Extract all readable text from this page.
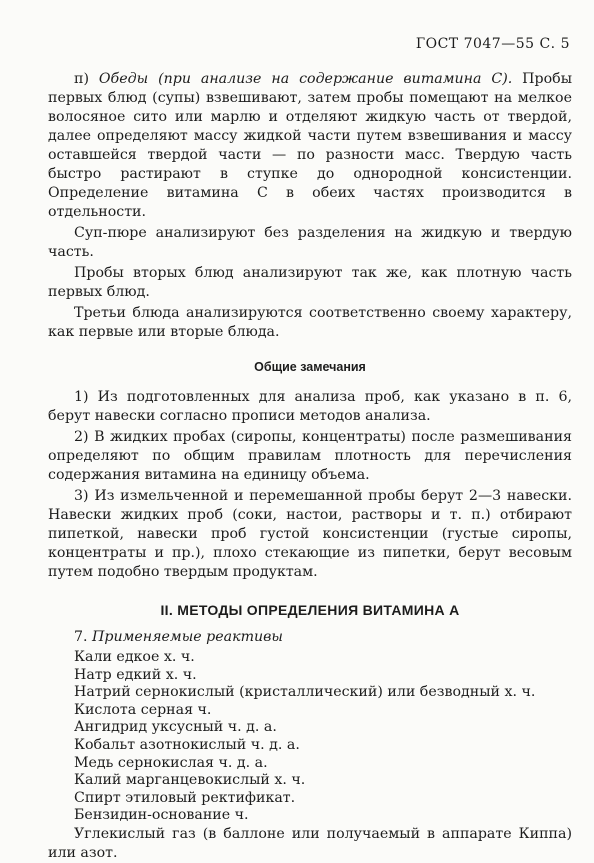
ГОСТ 7047—55 С. 5

п) Обеды (при анализе на содержание витамина С). Пробы первых блюд (супы) взвешивают, затем пробы помещают на мелкое волосяное сито или марлю и отделяют жидкую часть от твердой, далее определяют массу жидкой части путем взвешивания и массу оставшейся твердой части — по разности масс. Твердую часть быстро растирают в ступке до однородной консистенции. Определение витамина С в обеих частях производится в отдельности.

Суп-пюре анализируют без разделения на жидкую и твердую часть.

Пробы вторых блюд анализируют так же, как плотную часть первых блюд.

Третьи блюда анализируются соответственно своему характеру, как первые или вторые блюда.

Общие замечания

1) Из подготовленных для анализа проб, как указано в п. 6, берут навески согласно прописи методов анализа.

2) В жидких пробах (сиропы, концентраты) после размешивания определяют по общим правилам плотность для перечисления содержания витамина на единицу объема.

3) Из измельченной и перемешанной пробы берут 2—3 навески. Навески жидких проб (соки, настои, растворы и т. п.) отбирают пипеткой, навески проб густой консистенции (густые сиропы, концентраты и пр.), плохо стекающие из пипетки, берут весовым путем подобно твердым продуктам.

II. МЕТОДЫ ОПРЕДЕЛЕНИЯ ВИТАМИНА А

7. Применяемые реактивы

Кали едкое х. ч.
Натр едкий х. ч.
Натрий сернокислый (кристаллический) или безводный х. ч.
Кислота серная ч.
Ангидрид уксусный ч. д. а.
Кобальт азотнокислый ч. д. а.
Медь сернокислая ч. д. а.
Калий марганцевокислый х. ч.
Спирт этиловый ректификат.
Бензидин-основание ч.

Углекислый газ (в баллоне или получаемый в аппарате Киппа) или азот.
